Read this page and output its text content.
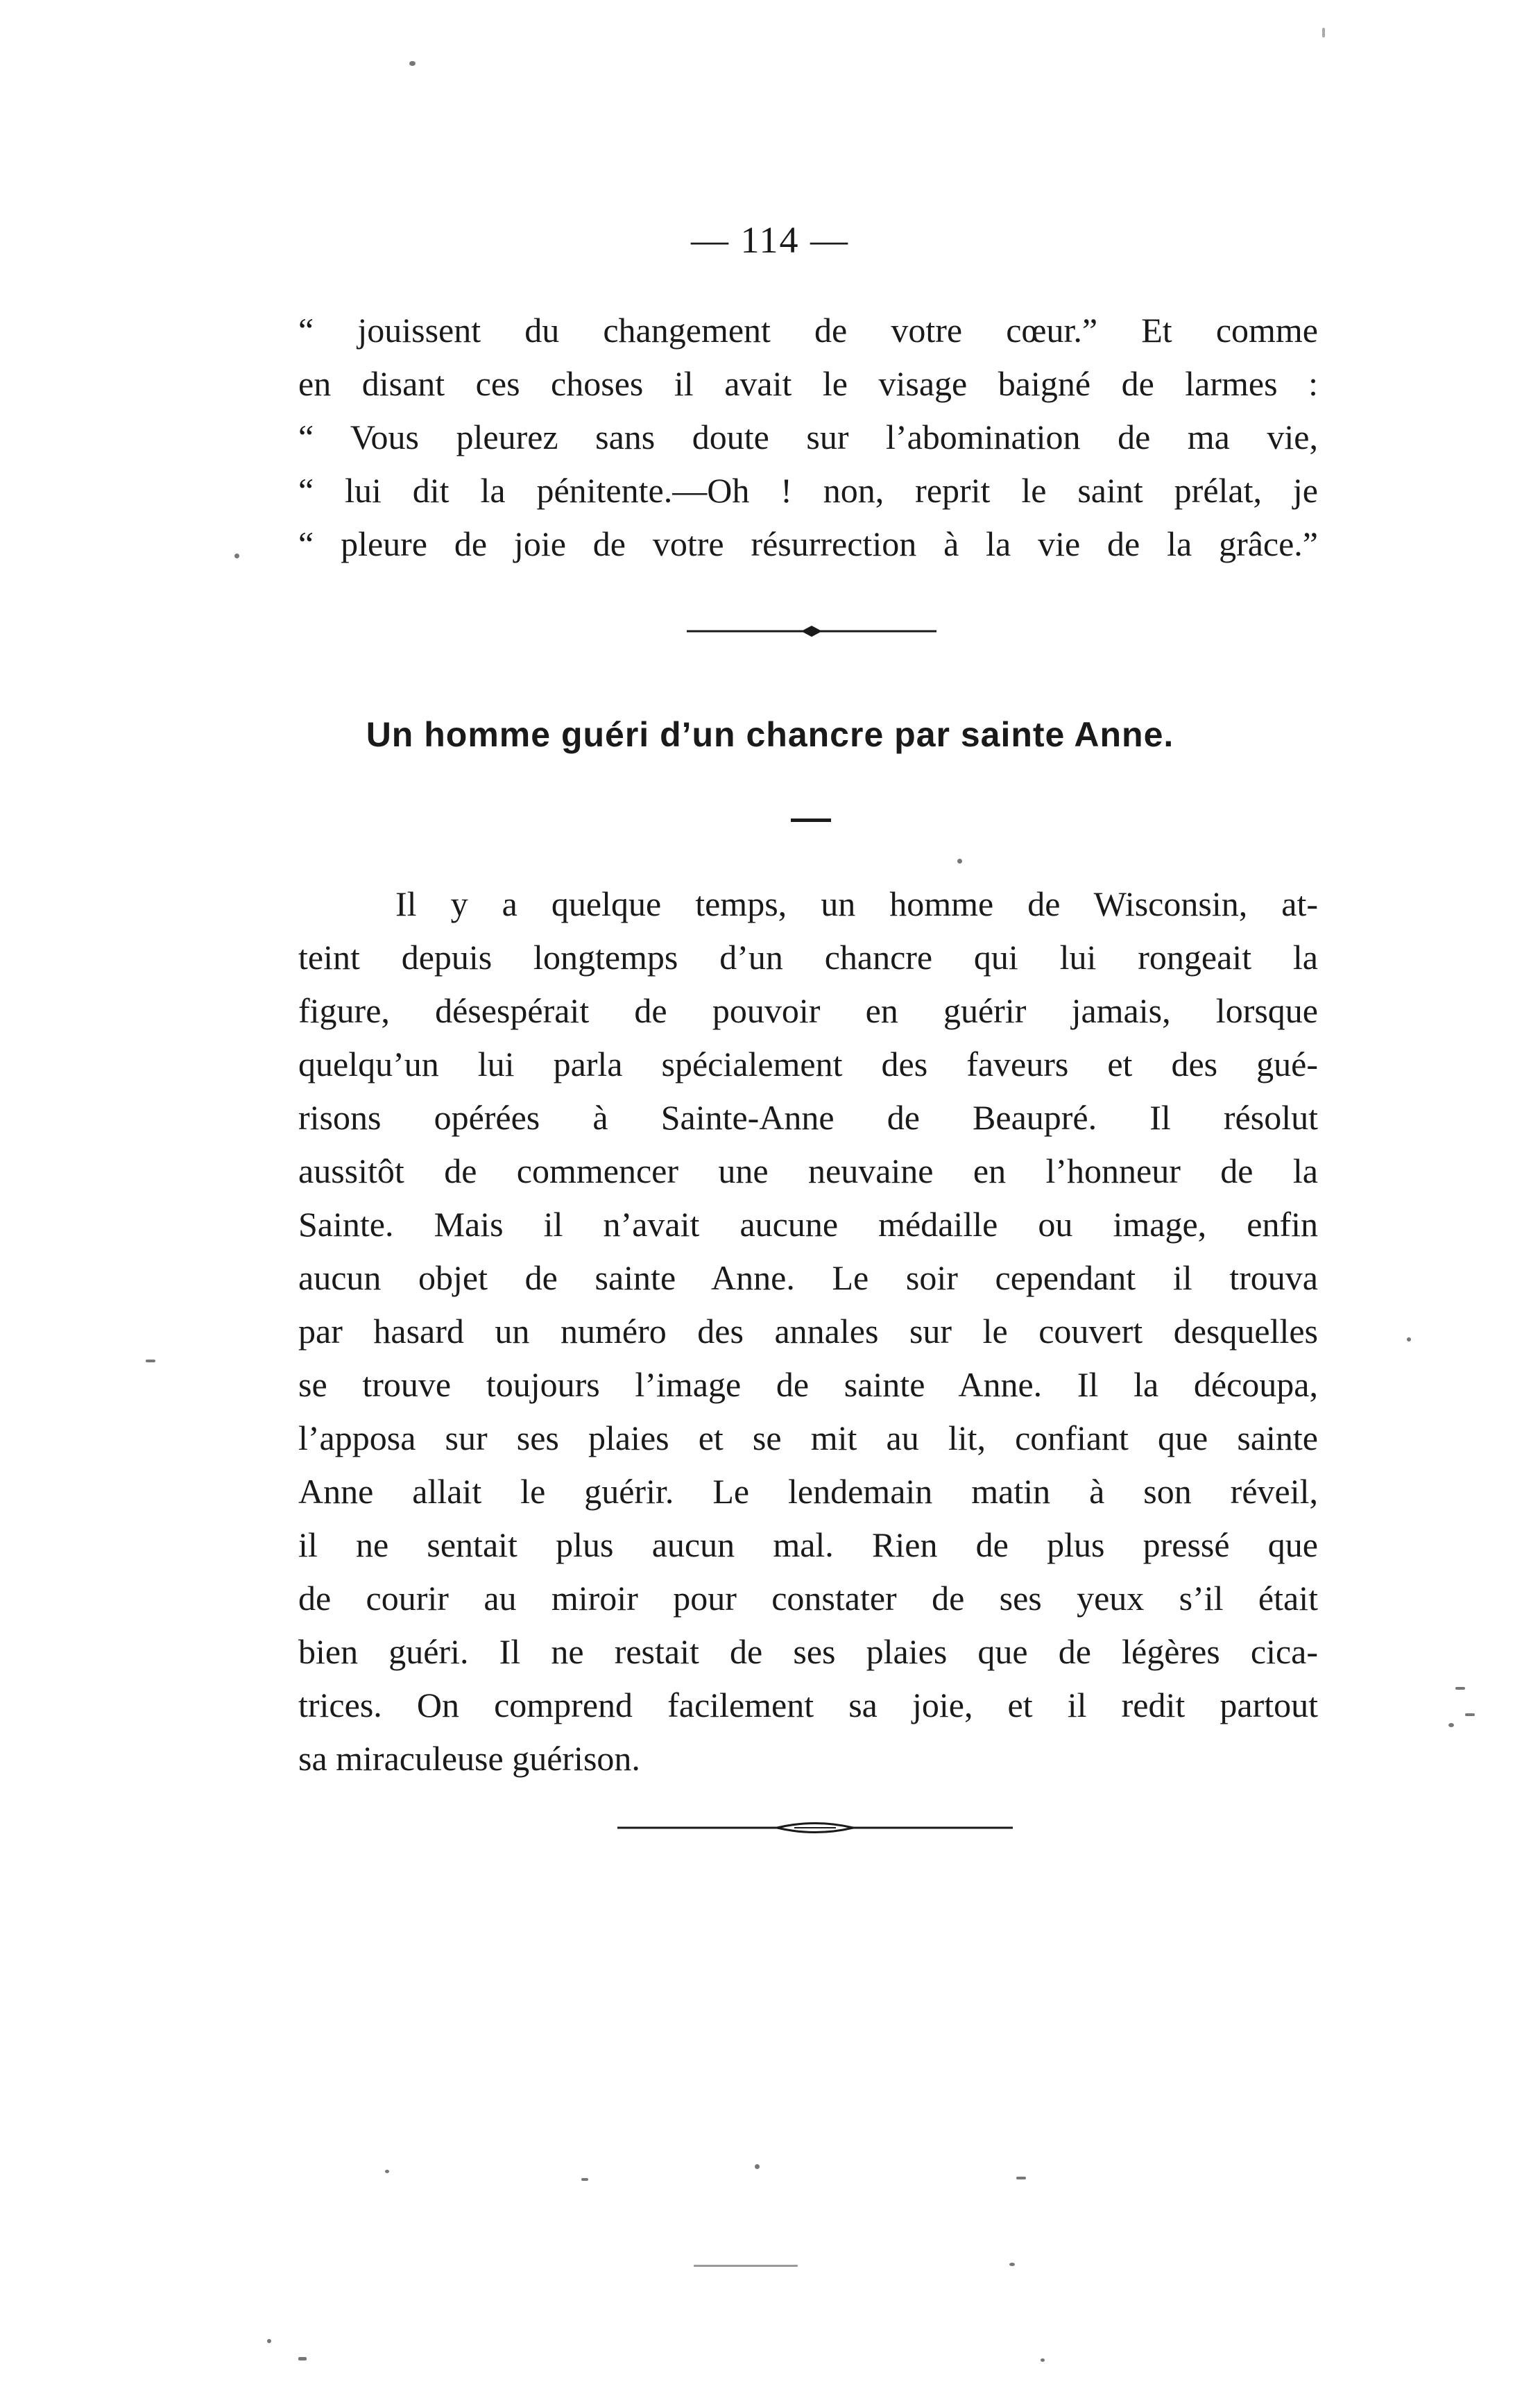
— 114 —
“ jouissent du changement de votre cœur.” Et comme
en disant ces choses il avait le visage baigné de larmes :
“ Vous pleurez sans doute sur l’abomination de ma vie,
“ lui dit la pénitente.—Oh ! non, reprit le saint prélat, je
“ pleure de joie de votre résurrection à la vie de la grâce.”
Un homme guéri d’un chancre par sainte Anne.
Il y a quelque temps, un homme de Wisconsin, at-
teint depuis longtemps d’un chancre qui lui rongeait la
figure, désespérait de pouvoir en guérir jamais, lorsque
quelqu’un lui parla spécialement des faveurs et des gué-
risons opérées à Sainte-Anne de Beaupré. Il résolut
aussitôt de commencer une neuvaine en l’honneur de la
Sainte. Mais il n’avait aucune médaille ou image, enfin
aucun objet de sainte Anne. Le soir cependant il trouva
par hasard un numéro des annales sur le couvert desquelles
se trouve toujours l’image de sainte Anne. Il la découpa,
l’apposa sur ses plaies et se mit au lit, confiant que sainte
Anne allait le guérir. Le lendemain matin à son réveil,
il ne sentait plus aucun mal. Rien de plus pressé que
de courir au miroir pour constater de ses yeux s’il était
bien guéri. Il ne restait de ses plaies que de légères cica-
trices. On comprend facilement sa joie, et il redit partout
sa miraculeuse guérison.
